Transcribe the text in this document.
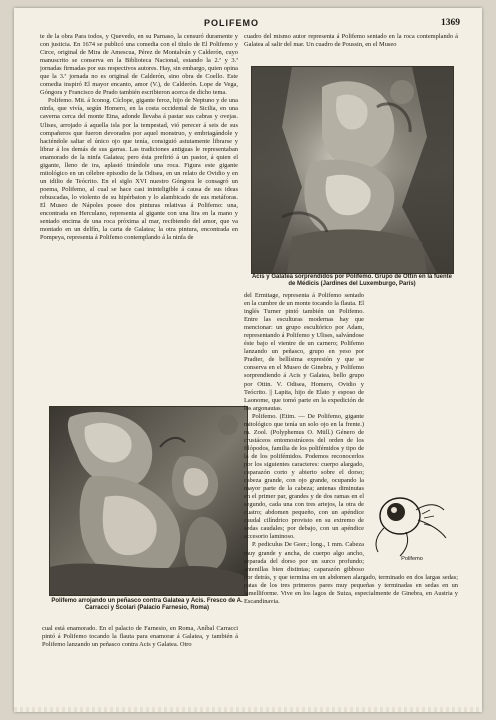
POLIFEMO	1369

te de la obra Para todos, y Quevedo, en su Parnaso, la censuró duramente y con justicia. En 1674 se publicó una comedia con el título de El Polifemo y Circe, original de Mira de Amescua, Pérez de Montalván y Calderón, cuyo manuscrito se conserva en la Biblioteca Nacional, estando la 2.ª y 3.ª jornadas firmadas por sus respectivos autores. Hay, sin embargo, quien opina que la 3.ª jornada no es original de Calderón, sino obra de Coello. Este comedia inspiró El mayor encanto, amor (V.), de Calderón. Lope de Vega, Góngora y Francisco de Prado también escribieron acerca de dicho tema.

Polifemo. Mit. á Iconog. Cíclope, gigante feroz, hijo de Neptuno y de una ninfa, que vivía, según Homero, en la costa occidental de Sicilia, en una caverna cerca del monte Etna, adonde llevaba á pastar sus cabras y ovejas. Ulises, arrojado á aquella isla por la tempestad, vió perecer á seis de sus compañeros que fueron devorados por aquel monstruo, y embriagándole y haciéndole saltar el único ojo que tenía, consiguió astutamente librarse y librar á los demás de sus garras. Las tradiciones antiguas le representaban enamorado de la ninfa Galatea; pero ésta prefirió á un pastor, á quien el gigante, lleno de ira, aplastó tirándole una roca. Figura este gigante mitológico en un célebre episodio de la Odisea, en un relato de Ovidio y en un idilio de Teócrito. En el siglo XVI nuestro Góngora le consagró un poema, Polifemo, al cual se hace casi ininteligible á causa de sus ideas rebuscadas, lo violento de su hipérbaton y lo alambicado de sus metáforas. El Museo de Nápoles posee dos pinturas relativas á Polifemo: una, encontrada en Herculano, representa al gigante con una lira en la mano y sentado encima de una roca próxima al mar, recibiendo del amor, que va montado en un delfín, la carta de Galatea; la otra pintura, encontrada en Pompeya, representa á Polifemo contemplando á la ninfa de

Acis y Galatea sorprendidos por Polifemo. Grupo de Ottin en la fuente de Médicis (Jardines del Luxemburgo, París)

cuadro del mismo autor representa á Polifemo sentado en la roca contemplando á Galatea al salir del mar. Un cuadro de Poussin, en el Museo

Polifemo arrojando un peñasco contra Galatea y Acis. Fresco de A. Carracci y Scolari (Palacio Farnesio, Roma)

cual está enamorado. En el palacio de Farnesio, en Roma, Aníbal Carracci pintó á Polifemo tocando la flauta para enamorar á Galatea, y también á Polifemo lanzando un peñasco contra Acis y Galatea. Otro

del Ermitage, representa á Polifemo sentado en la cumbre de un monte tocando la flauta. El inglés Turner pintó también un Polifemo. Entre las esculturas modernas hay que mencionar: un grupo escultórico por Adam, representando á Polifemo y Ulises, salvándose éste bajo el vientre de un carnero; Polifemo lanzando un peñasco, grupo en yeso por Pradier, de bellísima expresión y que se conserva en el Museo de Ginebra, y Polifemo sorprendiendo á Acis y Galatea, bello grupo por Ottin. V. Odisea, Homero, Ovidio y Teócrito. || Lapita, hijo de Elato y esposo de Laonome, que tomó parte en la expedición de los argonautas.

Polifemo. (Etim. — De Polifemo, gigante mitológico que tenía un solo ojo en la frente.) m. Zool. (Polyphemus O. Müll.) Género de crustáceos entomostráceos del orden de los filópodos, familia de los polifémidos y tipo de la de los polifémidos. Podemos reconocerlos por los siguientes caracteres: cuerpo alargado, caparazón corto y abierto sobre el dorso; cabeza grande, con ojo grande, ocupando la mayor parte de la cabeza; antenas diminutas en el primer par, grandes y de dos ramas en el segundo, cada una con tres artejos, la otra de cuatro; abdomen pequeño, con un apéndice caudal cilíndrico provisto en su extremo de sedas caudales; por debajo, con un apéndice accesorio laminoso.

P. pediculus De Geer.; long., 1 mm. Cabeza muy grande y ancha, de cuerpo algo ancho, separada del dorso por un surco profundo; antenillas bien distintas; caparazón gibboso por detrás, y que termina en un abdomen alargado, terminado en dos largas sedas; patas de los tres primeros pares muy pequeñas y terminadas en sedas en un lamelliforme. Vive en los lagos de Suiza, especialmente de Ginebra, en Austria y Escandinavia.

Polifemo
